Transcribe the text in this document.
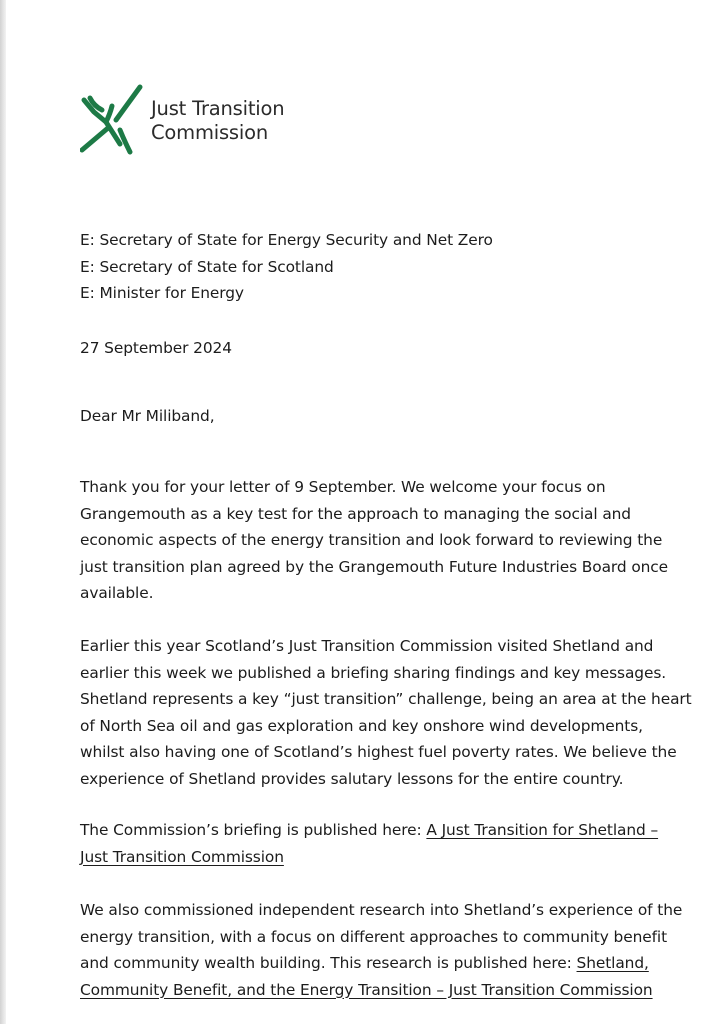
Just Transition
Commission
E: Secretary of State for Energy Security and Net Zero
E: Secretary of State for Scotland
E: Minister for Energy
27 September 2024
Dear Mr Miliband,
Thank you for your letter of 9 September. We welcome your focus on
Grangemouth as a key test for the approach to managing the social and
economic aspects of the energy transition and look forward to reviewing the
just transition plan agreed by the Grangemouth Future Industries Board once
available.
Earlier this year Scotland’s Just Transition Commission visited Shetland and
earlier this week we published a briefing sharing findings and key messages.
Shetland represents a key “just transition” challenge, being an area at the heart
of North Sea oil and gas exploration and key onshore wind developments,
whilst also having one of Scotland’s highest fuel poverty rates. We believe the
experience of Shetland provides salutary lessons for the entire country.
The Commission’s briefing is published here: A Just Transition for Shetland –
Just Transition Commission
We also commissioned independent research into Shetland’s experience of the
energy transition, with a focus on different approaches to community benefit
and community wealth building. This research is published here: Shetland,
Community Benefit, and the Energy Transition – Just Transition Commission
